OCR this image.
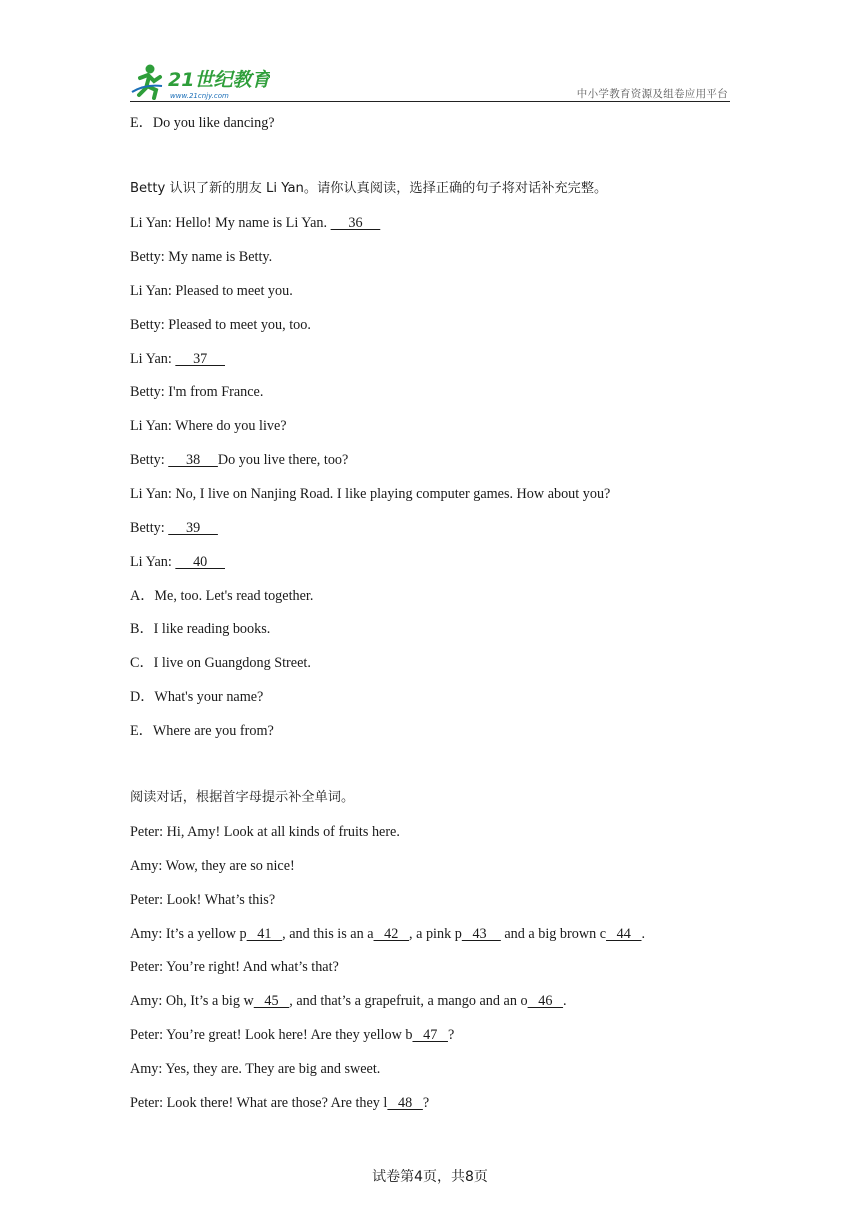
21世纪教育
www.21cnjy.com	中小学教育资源及组卷应用平台
E．Do you like dancing?
Betty 认识了新的朋友 Li Yan。请你认真阅读，选择正确的句子将对话补充完整。
Li Yan: Hello! My name is Li Yan.      36
Betty: My name is Betty.
Li Yan: Pleased to meet you.
Betty: Pleased to meet you, too.
Li Yan:      37
Betty: I'm from France.
Li Yan: Where do you live?
Betty:      38     Do you live there, too?
Li Yan: No, I live on Nanjing Road. I like playing computer games. How about you?
Betty:      39
Li Yan:      40
A．Me, too. Let's read together.
B．I like reading books.
C．I live on Guangdong Street.
D．What's your name?
E．Where are you from?
阅读对话，根据首字母提示补全单词。
Peter: Hi, Amy! Look at all kinds of fruits here.
Amy: Wow, they are so nice!
Peter: Look! What’s this?
Amy: It’s a yellow p   41   , and this is an a   42   , a pink p   43     and a big brown c   44   .
Peter: You’re right! And what’s that?
Amy: Oh, It’s a big w   45   , and that’s a grapefruit, a mango and an o   46   .
Peter: You’re great! Look here! Are they yellow b   47   ?
Amy: Yes, they are. They are big and sweet.
Peter: Look there! What are those? Are they l   48   ?
试卷第4页，共8页
